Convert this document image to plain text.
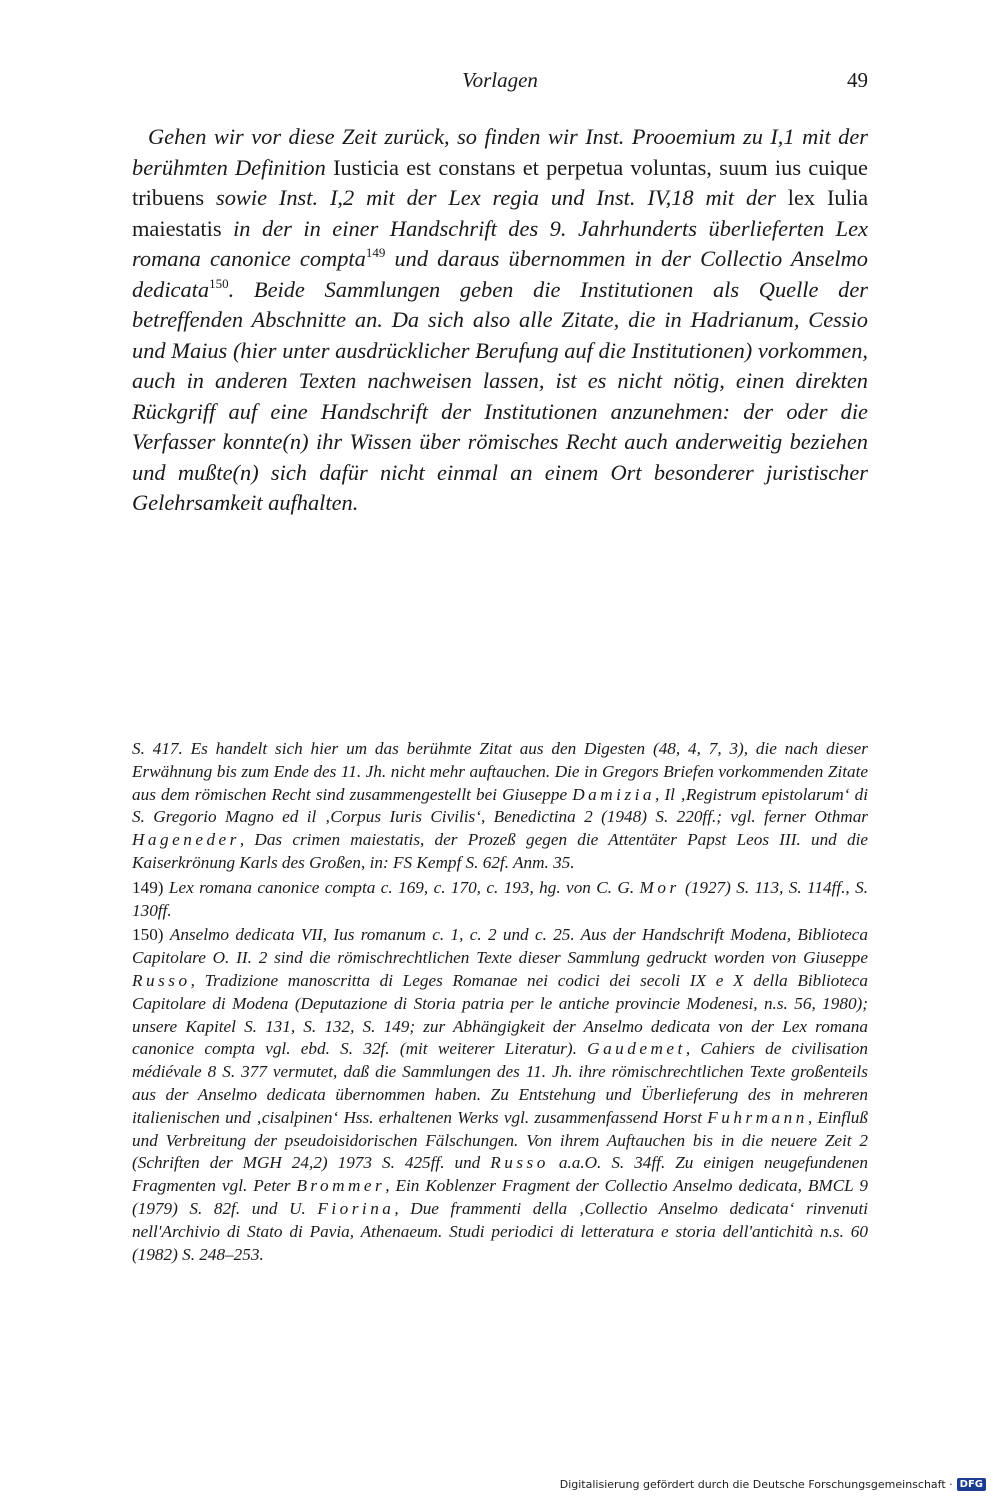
Vorlagen	49

Gehen wir vor diese Zeit zurück, so finden wir Inst. Prooemium zu I,1 mit der berühmten Definition Iusticia est constans et perpetua voluntas, suum ius cuique tribuens sowie Inst. I,2 mit der Lex regia und Inst. IV,18 mit der lex Iulia maiestatis in der in einer Handschrift des 9. Jahrhunderts überlieferten Lex romana canonice compta$^{149}$ und daraus übernommen in der Collectio Anselmo dedicata$^{150}$. Beide Sammlungen geben die Institutionen als Quelle der betreffenden Abschnitte an. Da sich also alle Zitate, die in Hadrianum, Cessio und Maius (hier unter ausdrücklicher Berufung auf die Institutionen) vorkommen, auch in anderen Texten nachweisen lassen, ist es nicht nötig, einen direkten Rückgriff auf eine Handschrift der Institutionen anzunehmen: der oder die Verfasser konnte(n) ihr Wissen über römisches Recht auch anderweitig beziehen und mußte(n) sich dafür nicht einmal an einem Ort besonderer juristischer Gelehrsamkeit aufhalten.

S. 417. Es handelt sich hier um das berühmte Zitat aus den Digesten (48, 4, 7, 3), die nach dieser Erwähnung bis zum Ende des 11. Jh. nicht mehr auftauchen. Die in Gregors Briefen vorkommenden Zitate aus dem römischen Recht sind zusammengestellt bei Giuseppe Damizia, Il ‚Registrum epistolarum‘ di S. Gregorio Magno ed il ‚Corpus Iuris Civilis‘, Benedictina 2 (1948) S. 220ff.; vgl. ferner Othmar Hageneder, Das crimen maiestatis, der Prozeß gegen die Attentäter Papst Leos III. und die Kaiserkrönung Karls des Großen, in: FS Kempf S. 62f. Anm. 35.

149) Lex romana canonice compta c. 169, c. 170, c. 193, hg. von C. G. Mor (1927) S. 113, S. 114ff., S. 130ff.

150) Anselmo dedicata VII, Ius romanum c. 1, c. 2 und c. 25. Aus der Handschrift Modena, Biblioteca Capitolare O. II. 2 sind die römischrechtlichen Texte dieser Sammlung gedruckt worden von Giuseppe Russo, Tradizione manoscritta di Leges Romanae nei codici dei secoli IX e X della Biblioteca Capitolare di Modena (Deputazione di Storia patria per le antiche provincie Modenesi, n.s. 56, 1980); unsere Kapitel S. 131, S. 132, S. 149; zur Abhängigkeit der Anselmo dedicata von der Lex romana canonice compta vgl. ebd. S. 32f. (mit weiterer Literatur). Gaudemet, Cahiers de civilisation médiévale 8 S. 377 vermutet, daß die Sammlungen des 11. Jh. ihre römischrechtlichen Texte großenteils aus der Anselmo dedicata übernommen haben. Zu Entstehung und Überlieferung des in mehreren italienischen und ‚cisalpinen‘ Hss. erhaltenen Werks vgl. zusammenfassend Horst Fuhrmann, Einfluß und Verbreitung der pseudoisidorischen Fälschungen. Von ihrem Auftauchen bis in die neuere Zeit 2 (Schriften der MGH 24,2) 1973 S. 425ff. und Russo a.a.O. S. 34ff. Zu einigen neugefundenen Fragmenten vgl. Peter Brommer, Ein Koblenzer Fragment der Collectio Anselmo dedicata, BMCL 9 (1979) S. 82f. und U. Fiorina, Due frammenti della ‚Collectio Anselmo dedicata‘ rinvenuti nell'Archivio di Stato di Pavia, Athenaeum. Studi periodici di letteratura e storia dell'antichità n.s. 60 (1982) S. 248–253.

Digitalisierung gefördert durch die Deutsche Forschungsgemeinschaft · DFG
